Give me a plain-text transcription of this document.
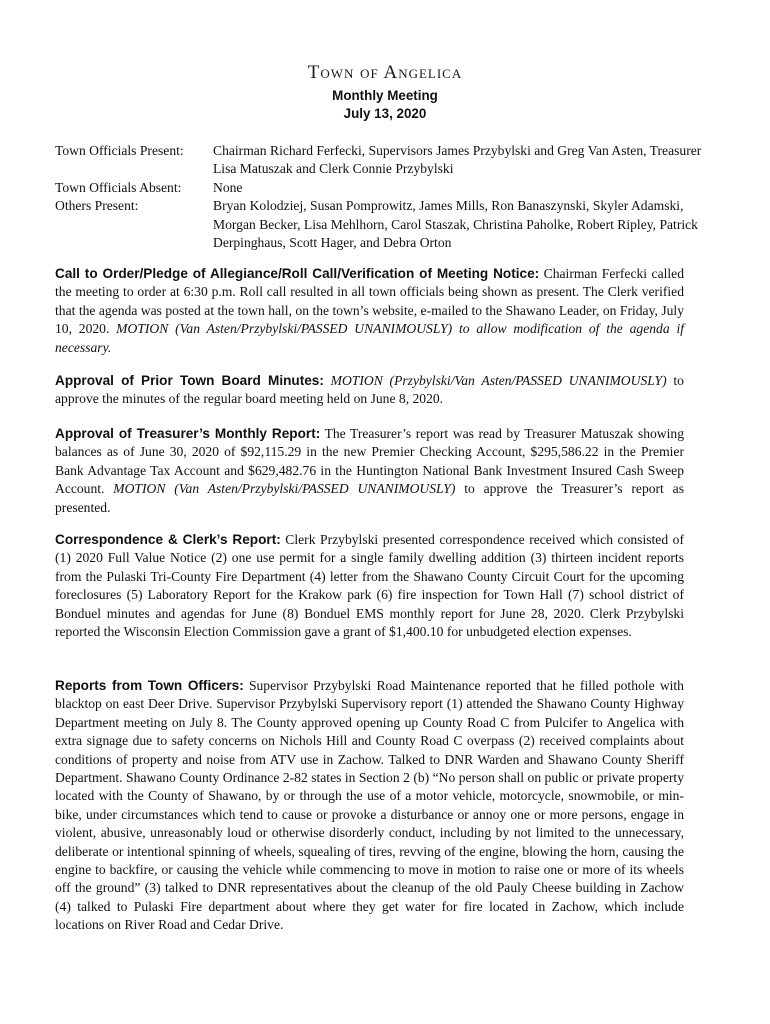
Town of Angelica
Monthly Meeting
July 13, 2020
Town Officials Present:	Chairman Richard Ferfecki, Supervisors James Przybylski and Greg Van Asten, Treasurer Lisa Matuszak and Clerk Connie Przybylski
Town Officials Absent:	None
Others Present:	Bryan Kolodziej, Susan Pomprowitz, James Mills, Ron Banaszynski, Skyler Adamski, Morgan Becker, Lisa Mehlhorn, Carol Staszak, Christina Paholke, Robert Ripley, Patrick Derpinghaus, Scott Hager, and Debra Orton
Call to Order/Pledge of Allegiance/Roll Call/Verification of Meeting Notice: Chairman Ferfecki called the meeting to order at 6:30 p.m. Roll call resulted in all town officials being shown as present. The Clerk verified that the agenda was posted at the town hall, on the town’s website, e-mailed to the Shawano Leader, on Friday, July 10, 2020. MOTION (Van Asten/Przybylski/PASSED UNANIMOUSLY) to allow modification of the agenda if necessary.
Approval of Prior Town Board Minutes: MOTION (Przybylski/Van Asten/PASSED UNANIMOUSLY) to approve the minutes of the regular board meeting held on June 8, 2020.
Approval of Treasurer’s Monthly Report: The Treasurer’s report was read by Treasurer Matuszak showing balances as of June 30, 2020 of $92,115.29 in the new Premier Checking Account, $295,586.22 in the Premier Bank Advantage Tax Account and $629,482.76 in the Huntington National Bank Investment Insured Cash Sweep Account. MOTION (Van Asten/Przybylski/PASSED UNANIMOUSLY) to approve the Treasurer’s report as presented.
Correspondence & Clerk’s Report: Clerk Przybylski presented correspondence received which consisted of (1) 2020 Full Value Notice (2) one use permit for a single family dwelling addition (3) thirteen incident reports from the Pulaski Tri-County Fire Department (4) letter from the Shawano County Circuit Court for the upcoming foreclosures (5) Laboratory Report for the Krakow park (6) fire inspection for Town Hall (7) school district of Bonduel minutes and agendas for June (8) Bonduel EMS monthly report for June 28, 2020. Clerk Przybylski reported the Wisconsin Election Commission gave a grant of $1,400.10 for unbudgeted election expenses.
Reports from Town Officers: Supervisor Przybylski Road Maintenance reported that he filled pothole with blacktop on east Deer Drive. Supervisor Przybylski Supervisory report (1) attended the Shawano County Highway Department meeting on July 8. The County approved opening up County Road C from Pulcifer to Angelica with extra signage due to safety concerns on Nichols Hill and County Road C overpass (2) received complaints about conditions of property and noise from ATV use in Zachow. Talked to DNR Warden and Shawano County Sheriff Department. Shawano County Ordinance 2-82 states in Section 2 (b) “No person shall on public or private property located with the County of Shawano, by or through the use of a motor vehicle, motorcycle, snowmobile, or min-bike, under circumstances which tend to cause or provoke a disturbance or annoy one or more persons, engage in violent, abusive, unreasonably loud or otherwise disorderly conduct, including by not limited to the unnecessary, deliberate or intentional spinning of wheels, squealing of tires, revving of the engine, blowing the horn, causing the engine to backfire, or causing the vehicle while commencing to move in motion to raise one or more of its wheels off the ground” (3) talked to DNR representatives about the cleanup of the old Pauly Cheese building in Zachow (4) talked to Pulaski Fire department about where they get water for fire located in Zachow, which include locations on River Road and Cedar Drive.
